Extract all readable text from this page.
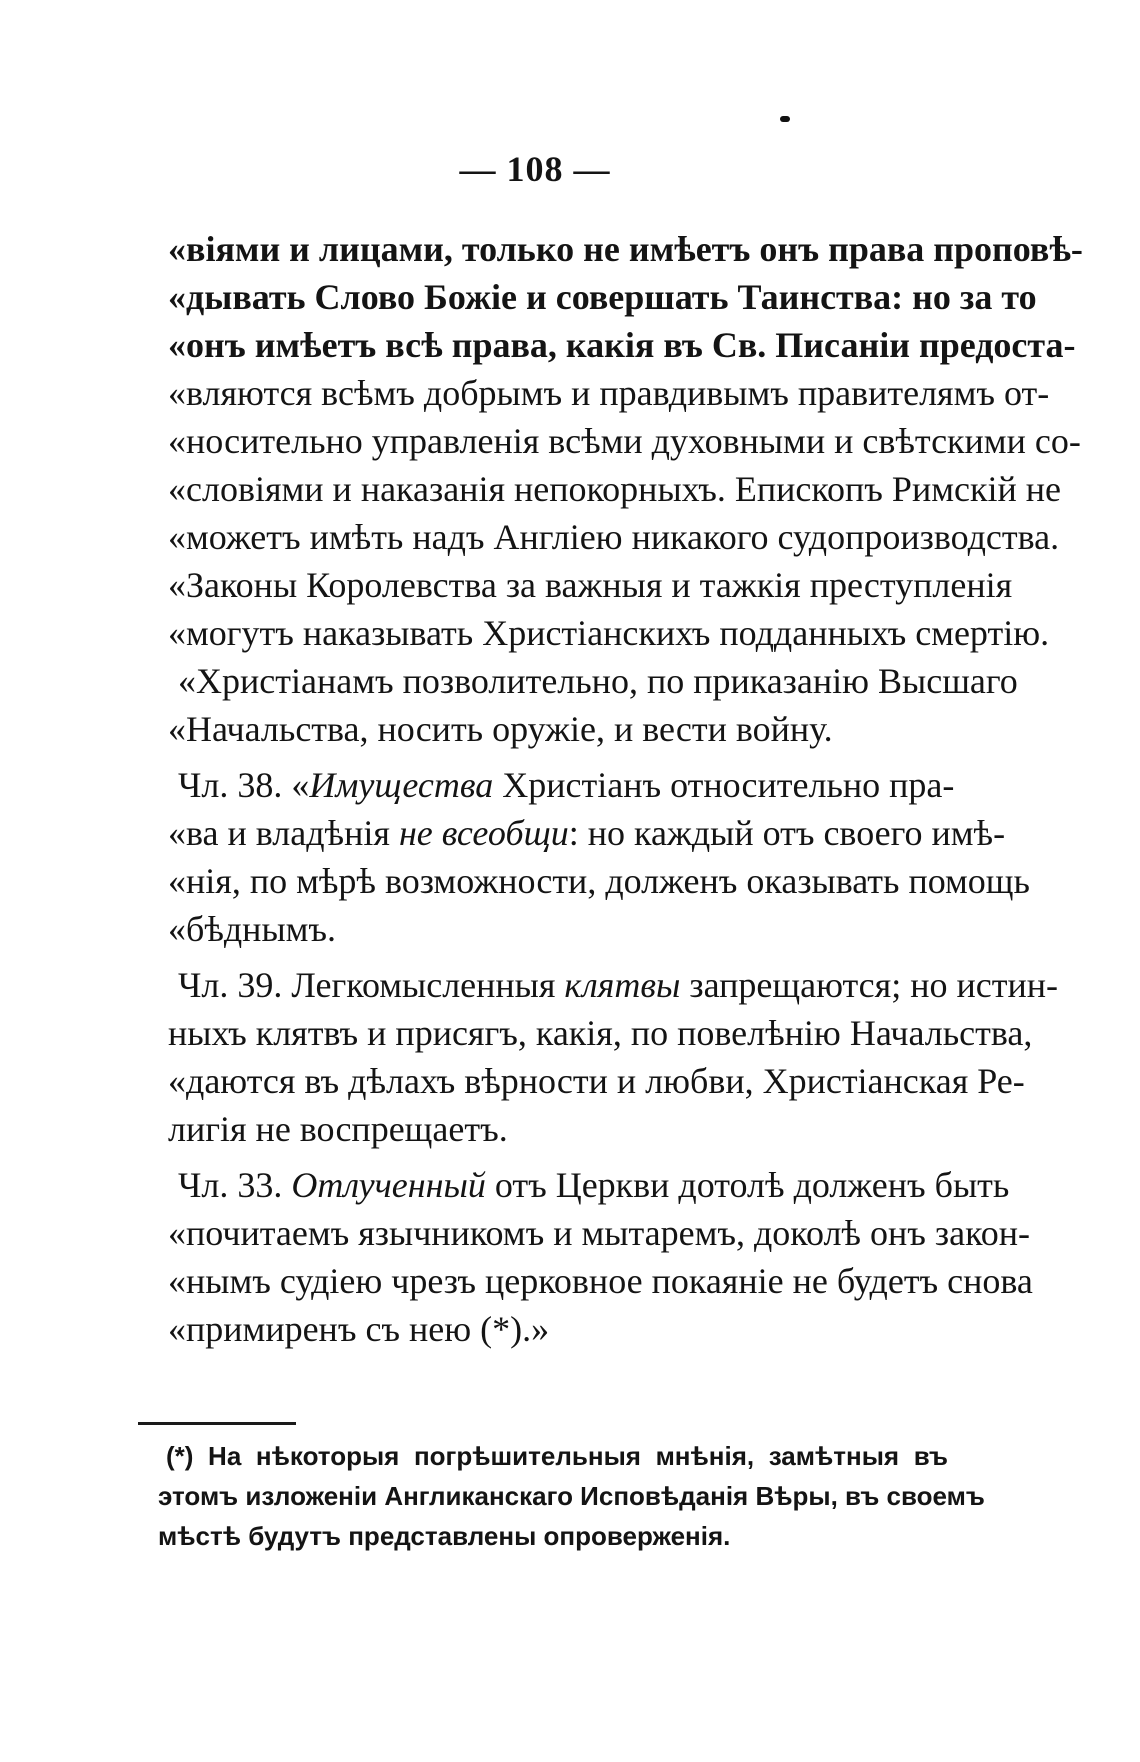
— 108 —
«віями и лицами, только не имѣетъ онъ права проповѣ-
«дывать Слово Божіе и совершать Таинства: но за то
«онъ имѣетъ всѣ права, какія въ Св. Писаніи предоста-
«вляются всѣмъ добрымъ и правдивымъ правителямъ от-
«носительно управленія всѣми духовными и свѣтскими со-
«словіями и наказанія непокорныхъ. Епископъ Римскій не
«можетъ имѣть надъ Англіею никакого судопроизводства.
«Законы Королевства за важныя и тажкія преступленія
«могутъ наказывать Христіанскихъ подданныхъ смертію.
«Христіанамъ позволительно, по приказанію Высшаго
«Начальства, носить оружіе, и вести войну.
Чл. 38. «Имущества Христіанъ относительно пра-
«ва и владѣнія не всеобщи: но каждый отъ своего имѣ-
«нія, по мѣрѣ возможности, долженъ оказывать помощь
«бѣднымъ.
Чл. 39. Легкомысленныя клятвы запрещаются; но истин-
ныхъ клятвъ и присягъ, какія, по повелѣнію Начальства,
«даются въ дѣлахъ вѣрности и любви, Христіанская Ре-
лигія не воспрещаетъ.
Чл. 33. Отлученный отъ Церкви дотолѣ долженъ быть
«почитаемъ язычникомъ и мытаремъ, доколѣ онъ закон-
«нымъ судіею чрезъ церковное покаяніе не будетъ снова
«примиренъ съ нею (*).»
(*) На нѣкоторыя погрѣшительныя мнѣнія, замѣтныя въ
этомъ изложеніи Англиканскаго Исповѣданія Вѣры, въ своемъ
мѣстѣ будутъ представлены опроверженія.
